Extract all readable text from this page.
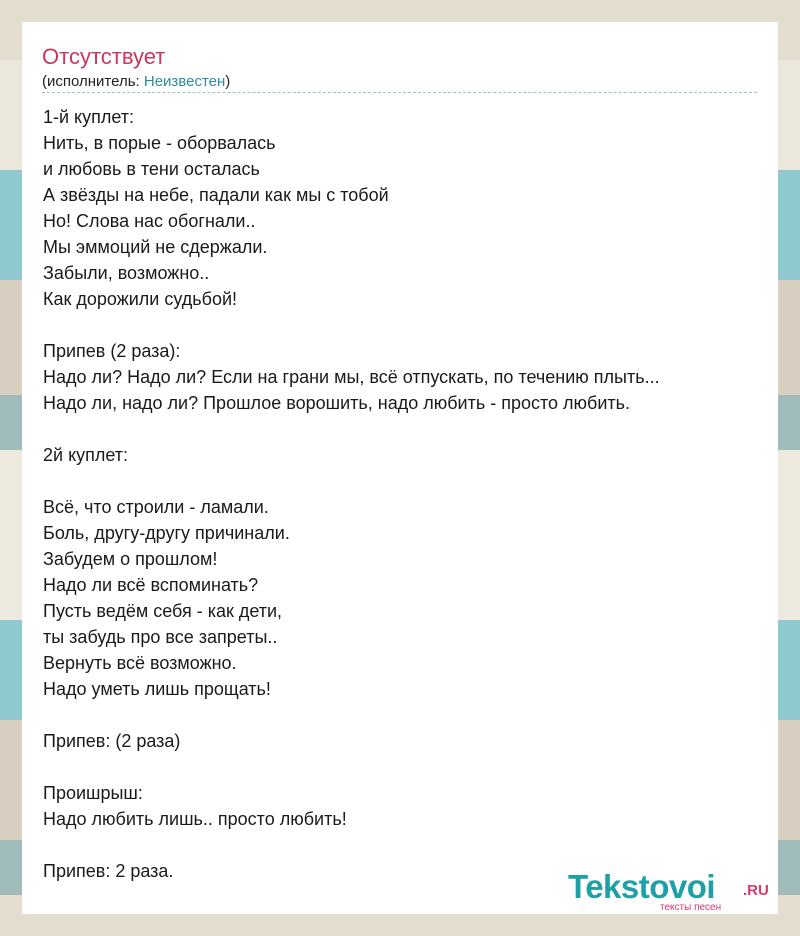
Отсутствует
(исполнитель: Неизвестен)
1-й куплет:
Нить, в порые - оборвалась
и любовь в тени осталась
А звёзды на небе, падали как мы с тобой
Но! Слова нас обогнали..
Мы эммоций не сдержали.
Забыли, возможно..
Как дорожили судьбой!
Припев (2 раза):
Надо ли? Надо ли? Если на грани мы, всё отпускать, по течению плыть...
Надо ли, надо ли? Прошлое ворошить, надо любить - просто любить.
2й куплет:
Всё, что строили - ламали.
Боль, другу-другу причинали.
Забудем о прошлом!
Надо ли всё вспоминать?
Пусть ведём себя - как дети,
ты забудь про все запреты..
Вернуть всё возможно.
Надо уметь лишь прощать!
Припев: (2 раза)
Проишрыш:
Надо любить лишь.. просто любить!
Припев: 2 раза.	Tekstovoi .RU
тексты песен
